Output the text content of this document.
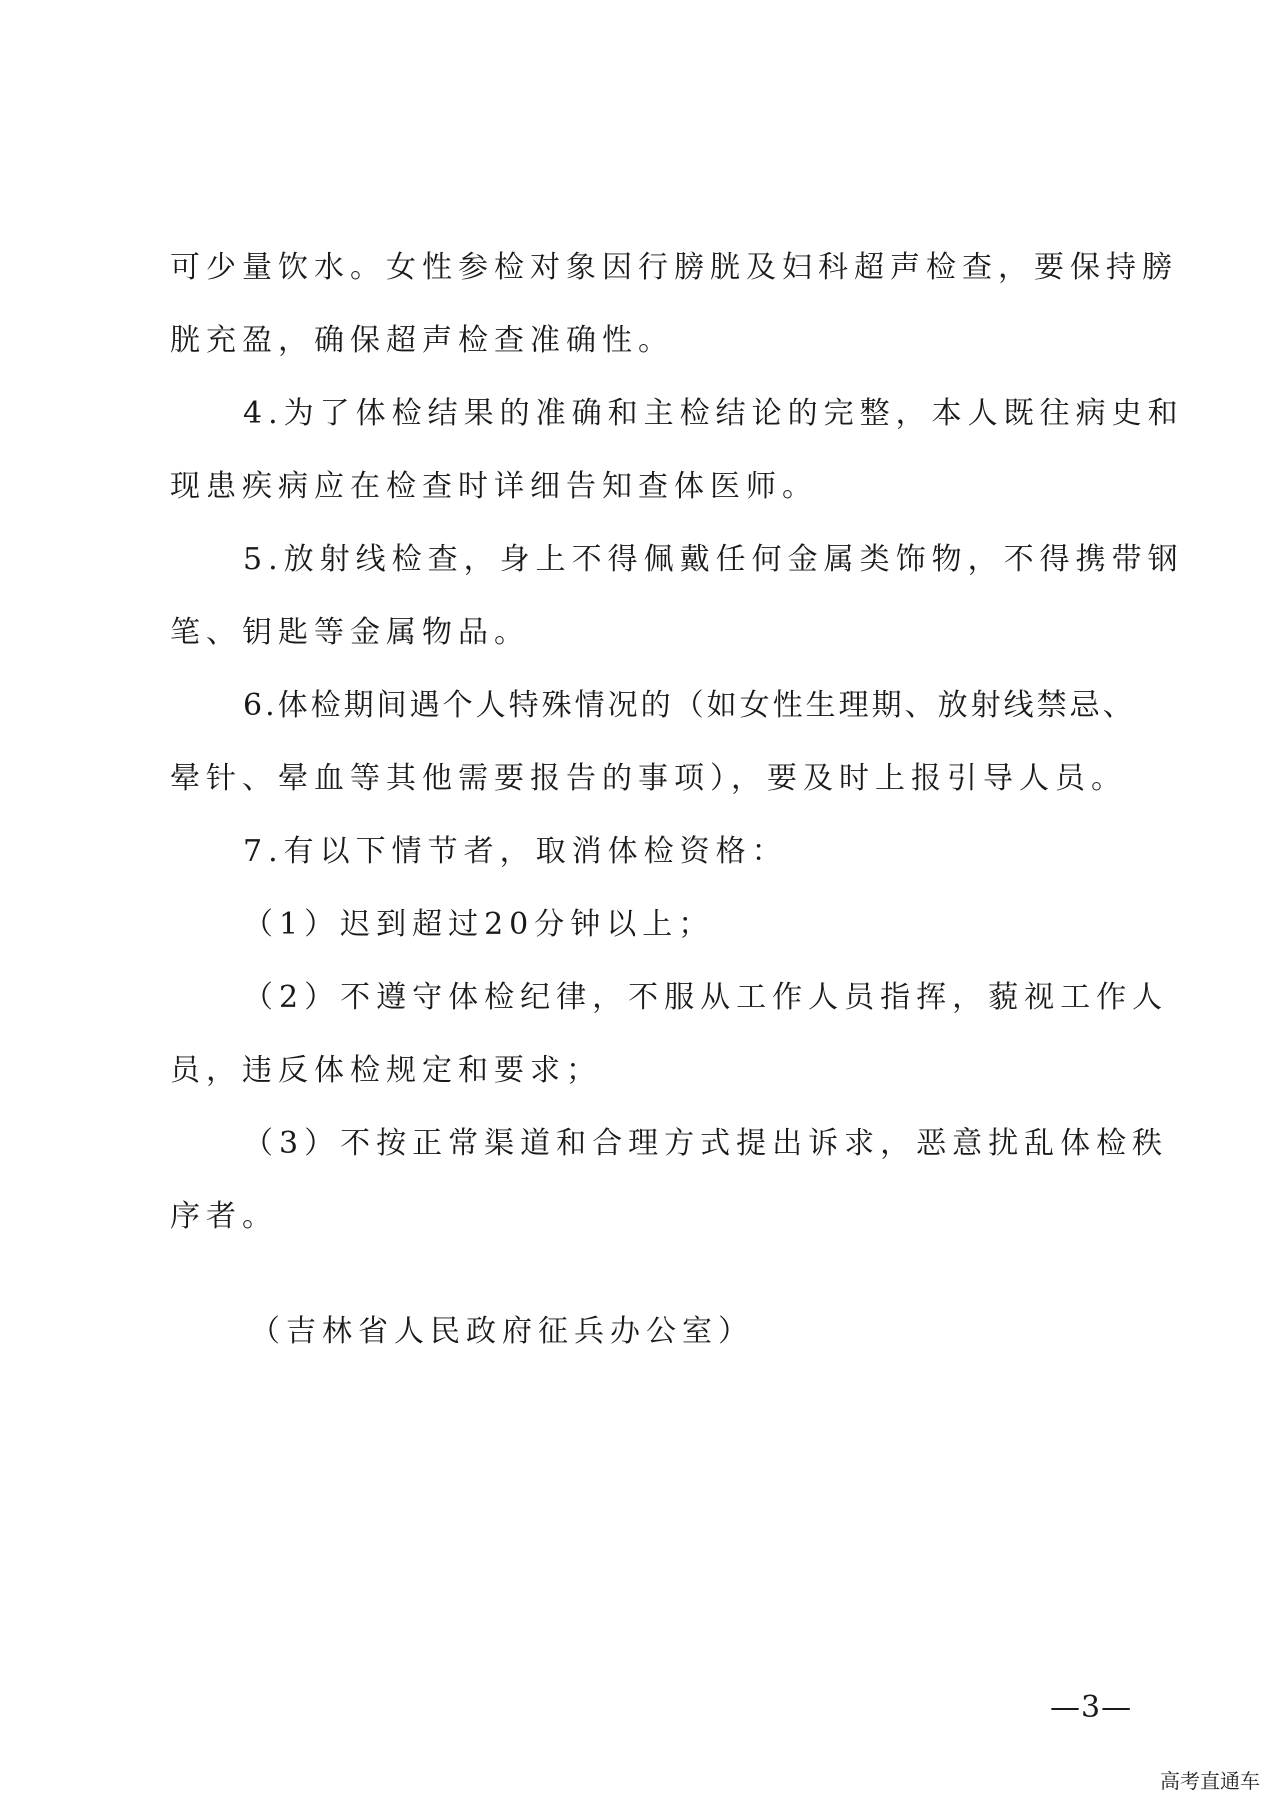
可少量饮水。女性参检对象因行膀胱及妇科超声检查，要保持膀
胱充盈，确保超声检查准确性。
4.为了体检结果的准确和主检结论的完整，本人既往病史和
现患疾病应在检查时详细告知查体医师。
5.放射线检查，身上不得佩戴任何金属类饰物，不得携带钢
笔、钥匙等金属物品。
6.体检期间遇个人特殊情况的（如女性生理期、放射线禁忌、
晕针、晕血等其他需要报告的事项），要及时上报引导人员。
7.有以下情节者，取消体检资格：
（1）迟到超过20分钟以上；
（2）不遵守体检纪律，不服从工作人员指挥，藐视工作人
员，违反体检规定和要求；
（3）不按正常渠道和合理方式提出诉求，恶意扰乱体检秩
序者。
（吉林省人民政府征兵办公室）
—3—
高考直通车
